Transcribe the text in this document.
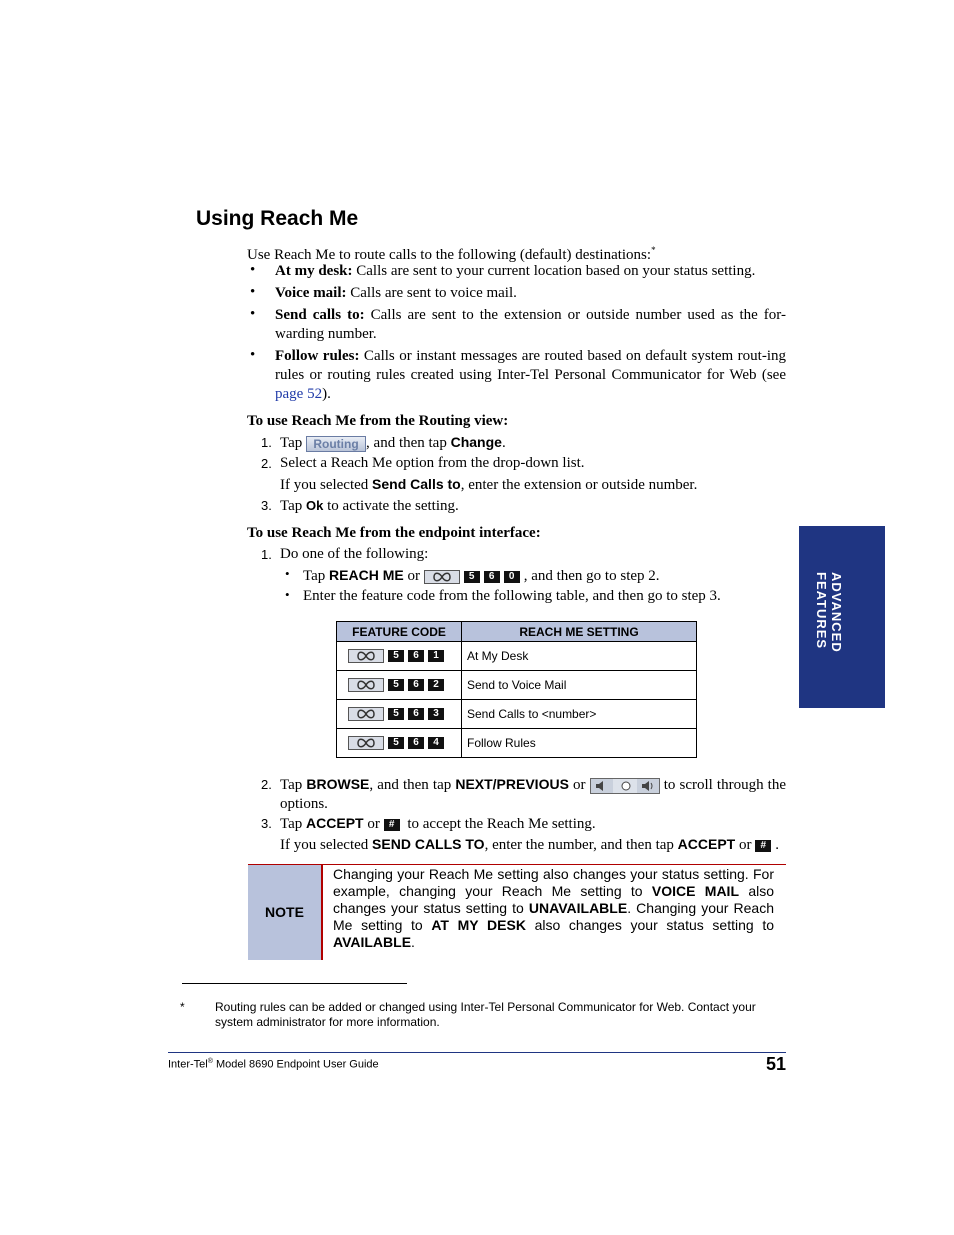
Using Reach Me
Use Reach Me to route calls to the following (default) destinations:*
• At my desk: Calls are sent to your current location based on your status setting.
• Voice mail: Calls are sent to voice mail.
• Send calls to: Calls are sent to the extension or outside number used as the for-warding number.
• Follow rules: Calls or instant messages are routed based on default system rout-ing rules or routing rules created using Inter-Tel Personal Communicator for Web (see page 52).
To use Reach Me from the Routing view:
1. Tap Routing , and then tap Change.
2. Select a Reach Me option from the drop-down list.
If you selected Send Calls to, enter the extension or outside number.
3. Tap Ok to activate the setting.
To use Reach Me from the endpoint interface:
1. Do one of the following:
• Tap REACH ME or	5 6 0 , and then go to step 2.
• Enter the feature code from the following table, and then go to step 3.
FEATURE CODE	REACH ME SETTING

5 6 1	At My Desk

5 6 2	Send to Voice Mail

5 6 3	Send Calls to <number>

5 6 4	Follow Rules
2. Tap BROWSE, and then tap NEXT/PREVIOUS or	to scroll through the options.
3. Tap ACCEPT or # to accept the Reach Me setting.
If you selected SEND CALLS TO, enter the number, and then tap ACCEPT or # .
NOTE
Changing your Reach Me setting also changes your status setting. For example, changing your Reach Me setting to VOICE MAIL also changes your status setting to UNAVAILABLE. Changing your Reach Me setting to AT MY DESK also changes your status setting to AVAILABLE.
*	Routing rules can be added or changed using Inter-Tel Personal Communicator for Web. Contact your system administrator for more information.
Inter-Tel® Model 8690 Endpoint User Guide	51
ADVANCED FEATURES
